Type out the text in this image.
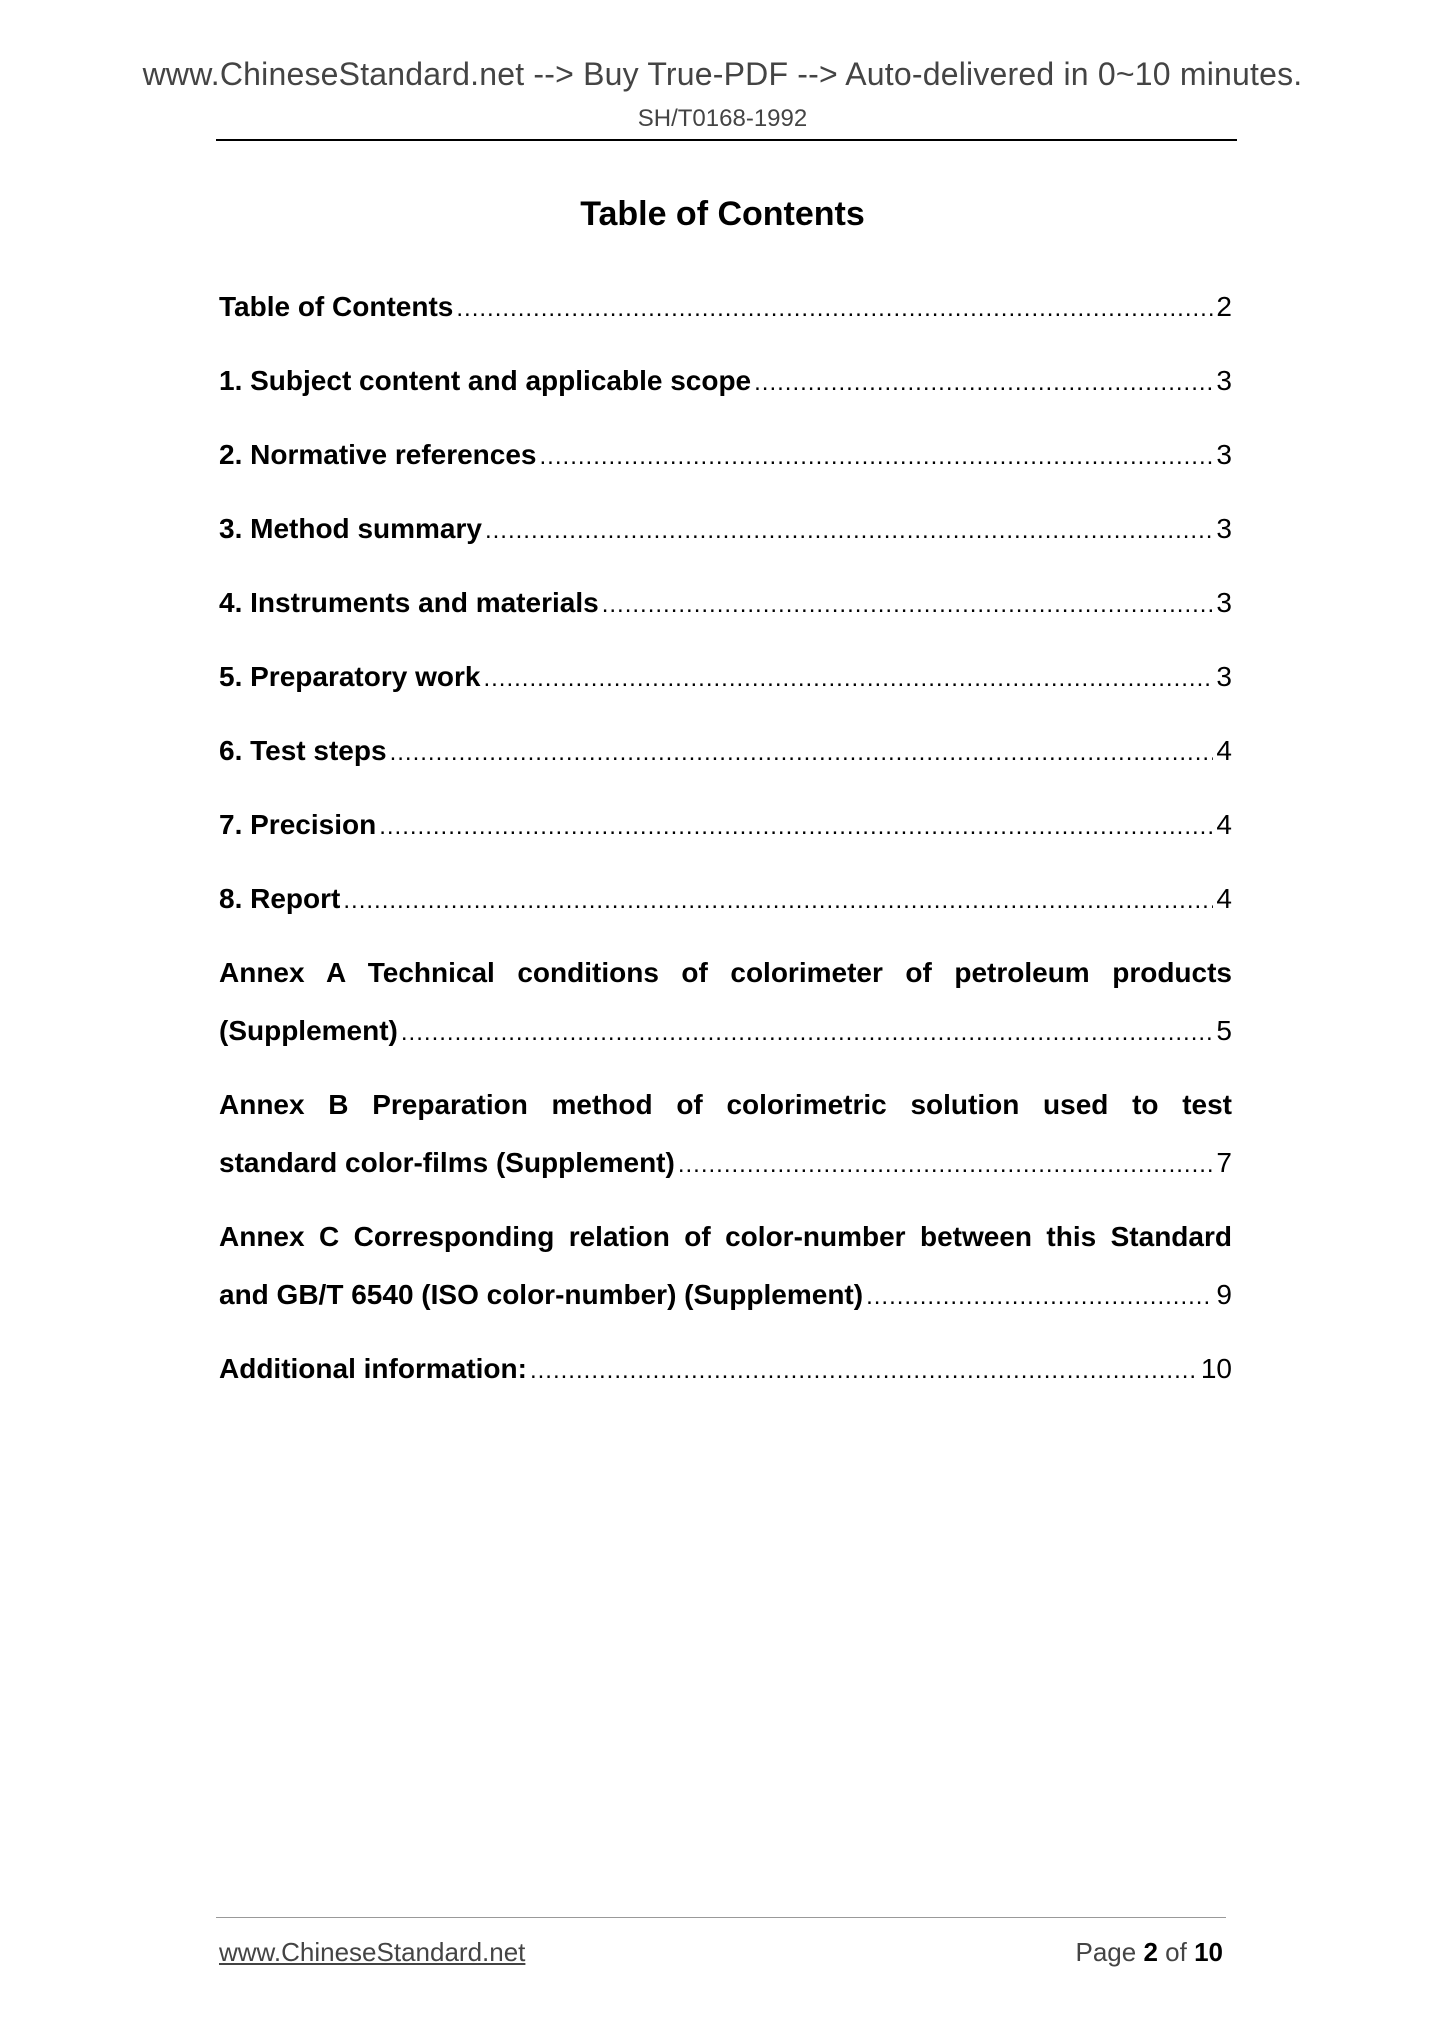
www.ChineseStandard.net --> Buy True-PDF --> Auto-delivered in 0~10 minutes.
SH/T0168-1992
Table of Contents
Table of Contents .....	2
1. Subject content and applicable scope .....	3
2. Normative references .....	3
3. Method summary .....	3
4. Instruments and materials .....	3
5. Preparatory work .....	3
6. Test steps .....	4
7. Precision .....	4
8. Report .....	4
Annex A Technical conditions of colorimeter of petroleum products
(Supplement) .....	5
Annex B Preparation method of colorimetric solution used to test
standard color-films (Supplement) .....	7
Annex C Corresponding relation of color-number between this Standard
and GB/T 6540 (ISO color-number) (Supplement) .....	9
Additional information: .....	10
www.ChineseStandard.net	Page 2 of 10
